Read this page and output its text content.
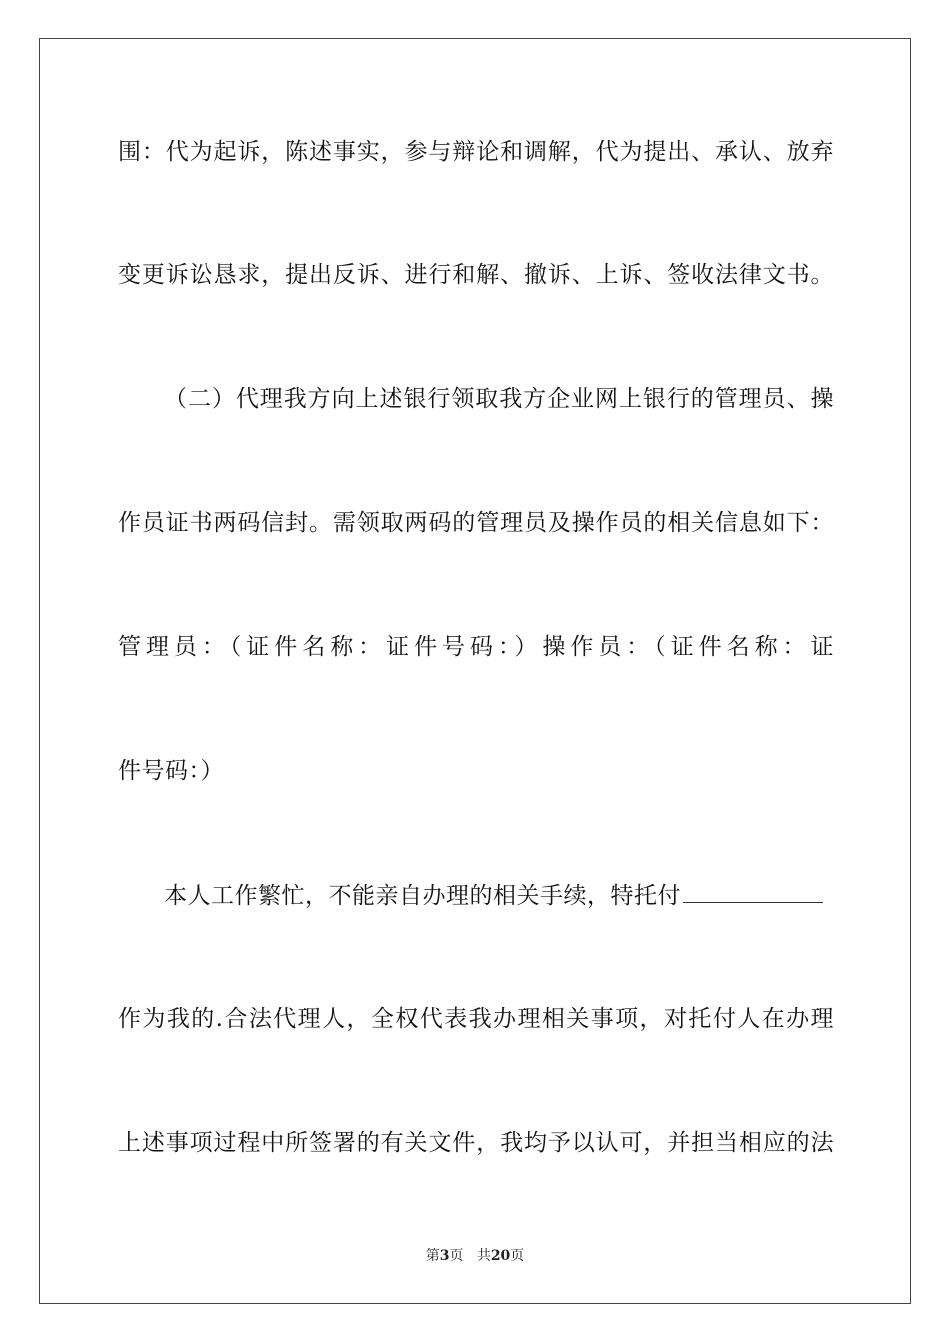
围：代为起诉，陈述事实，参与辩论和调解，代为提出、承认、放弃
变更诉讼恳求，提出反诉、进行和解、撤诉、上诉、签收法律文书。
（二）代理我方向上述银行领取我方企业网上银行的管理员、操
作员证书两码信封。需领取两码的管理员及操作员的相关信息如下：
管理员：（证件名称：证件号码：）操作员：（证件名称：证
件号码：）
本人工作繁忙，不能亲自办理的相关手续，特托付
作为我的.合法代理人，全权代表我办理相关事项，对托付人在办理
上述事项过程中所签署的有关文件，我均予以认可，并担当相应的法
第3页 共20页
